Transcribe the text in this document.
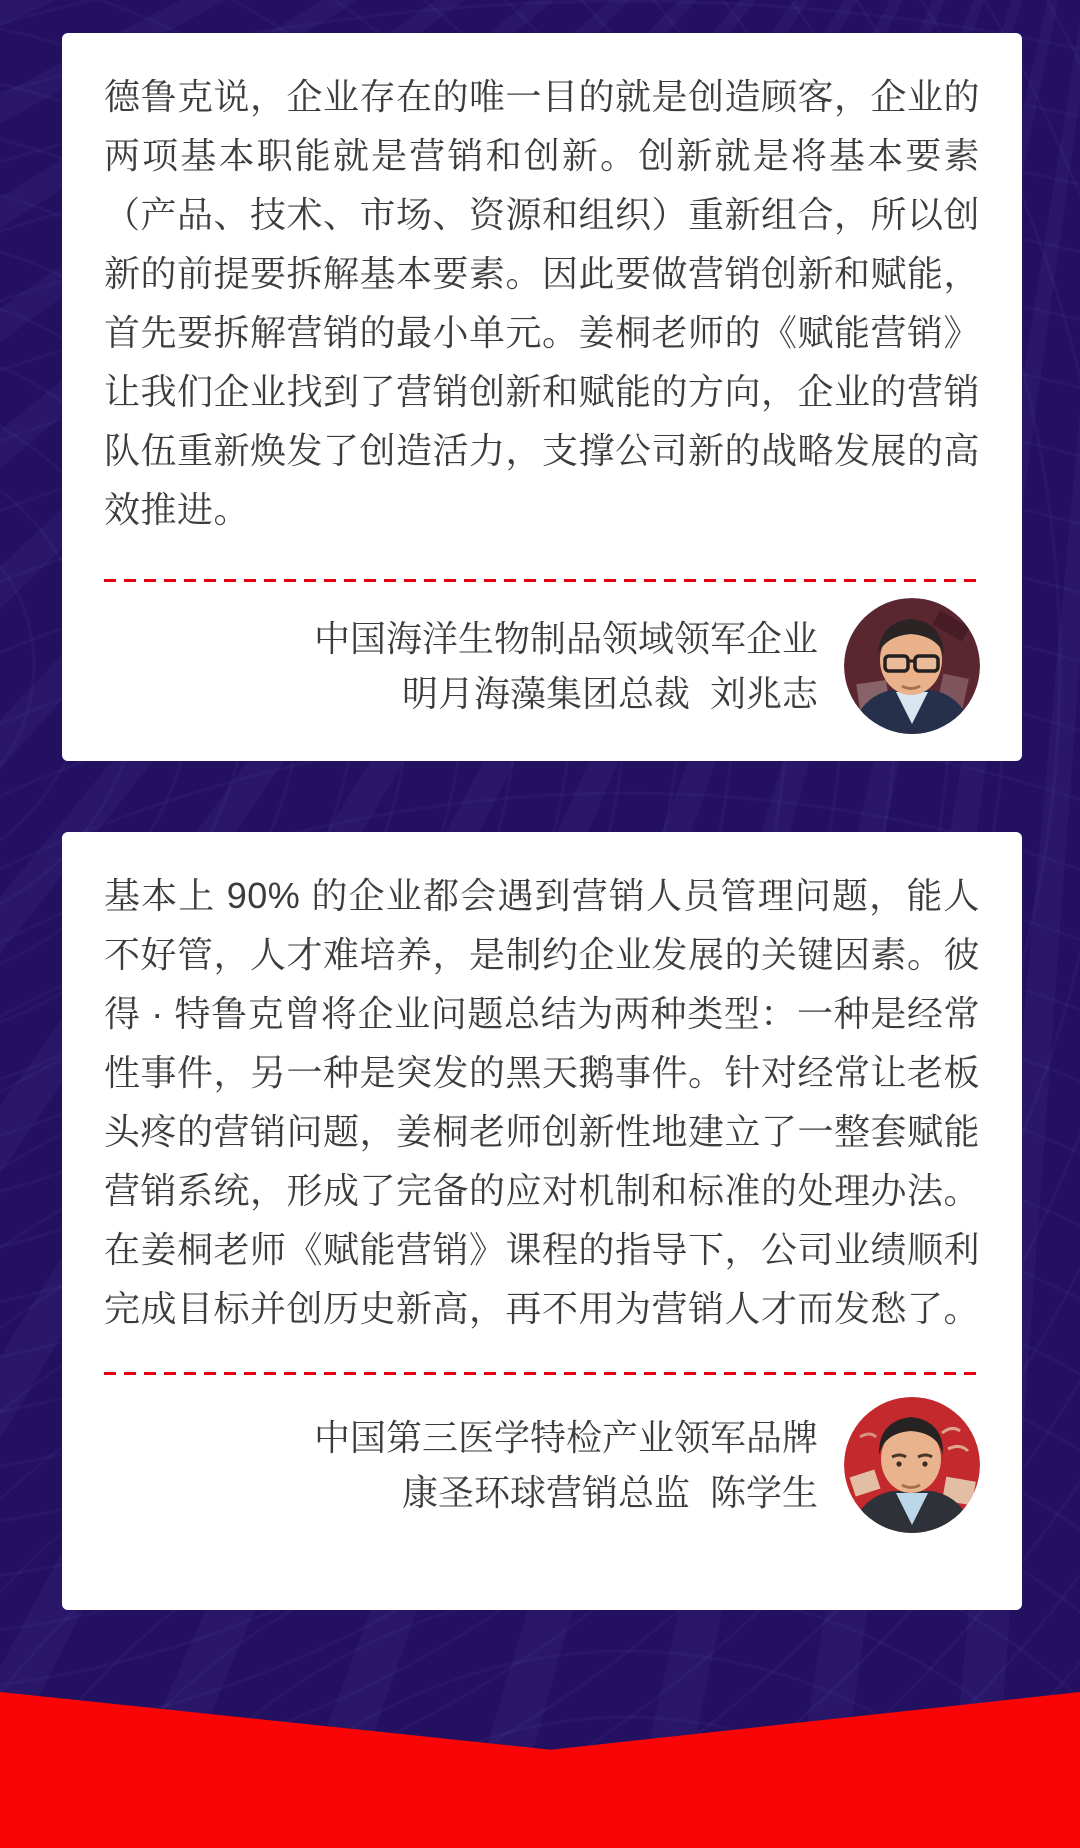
德鲁克说，企业存在的唯一目的就是创造顾客，企业的两项基本职能就是营销和创新。创新就是将基本要素（产品、技术、市场、资源和组织）重新组合，所以创新的前提要拆解基本要素。因此要做营销创新和赋能，首先要拆解营销的最小单元。姜桐老师的《赋能营销》让我们企业找到了营销创新和赋能的方向，企业的营销队伍重新焕发了创造活力，支撑公司新的战略发展的高效推进。

中国海洋生物制品领域领军企业
明月海藻集团总裁  刘兆志

基本上 90% 的企业都会遇到营销人员管理问题，能人不好管，人才难培养，是制约企业发展的关键因素。彼得 · 特鲁克曾将企业问题总结为两种类型：一种是经常性事件，另一种是突发的黑天鹅事件。针对经常让老板头疼的营销问题，姜桐老师创新性地建立了一整套赋能营销系统，形成了完备的应对机制和标准的处理办法。在姜桐老师《赋能营销》课程的指导下，公司业绩顺利完成目标并创历史新高，再不用为营销人才而发愁了。

中国第三医学特检产业领军品牌
康圣环球营销总监  陈学生
